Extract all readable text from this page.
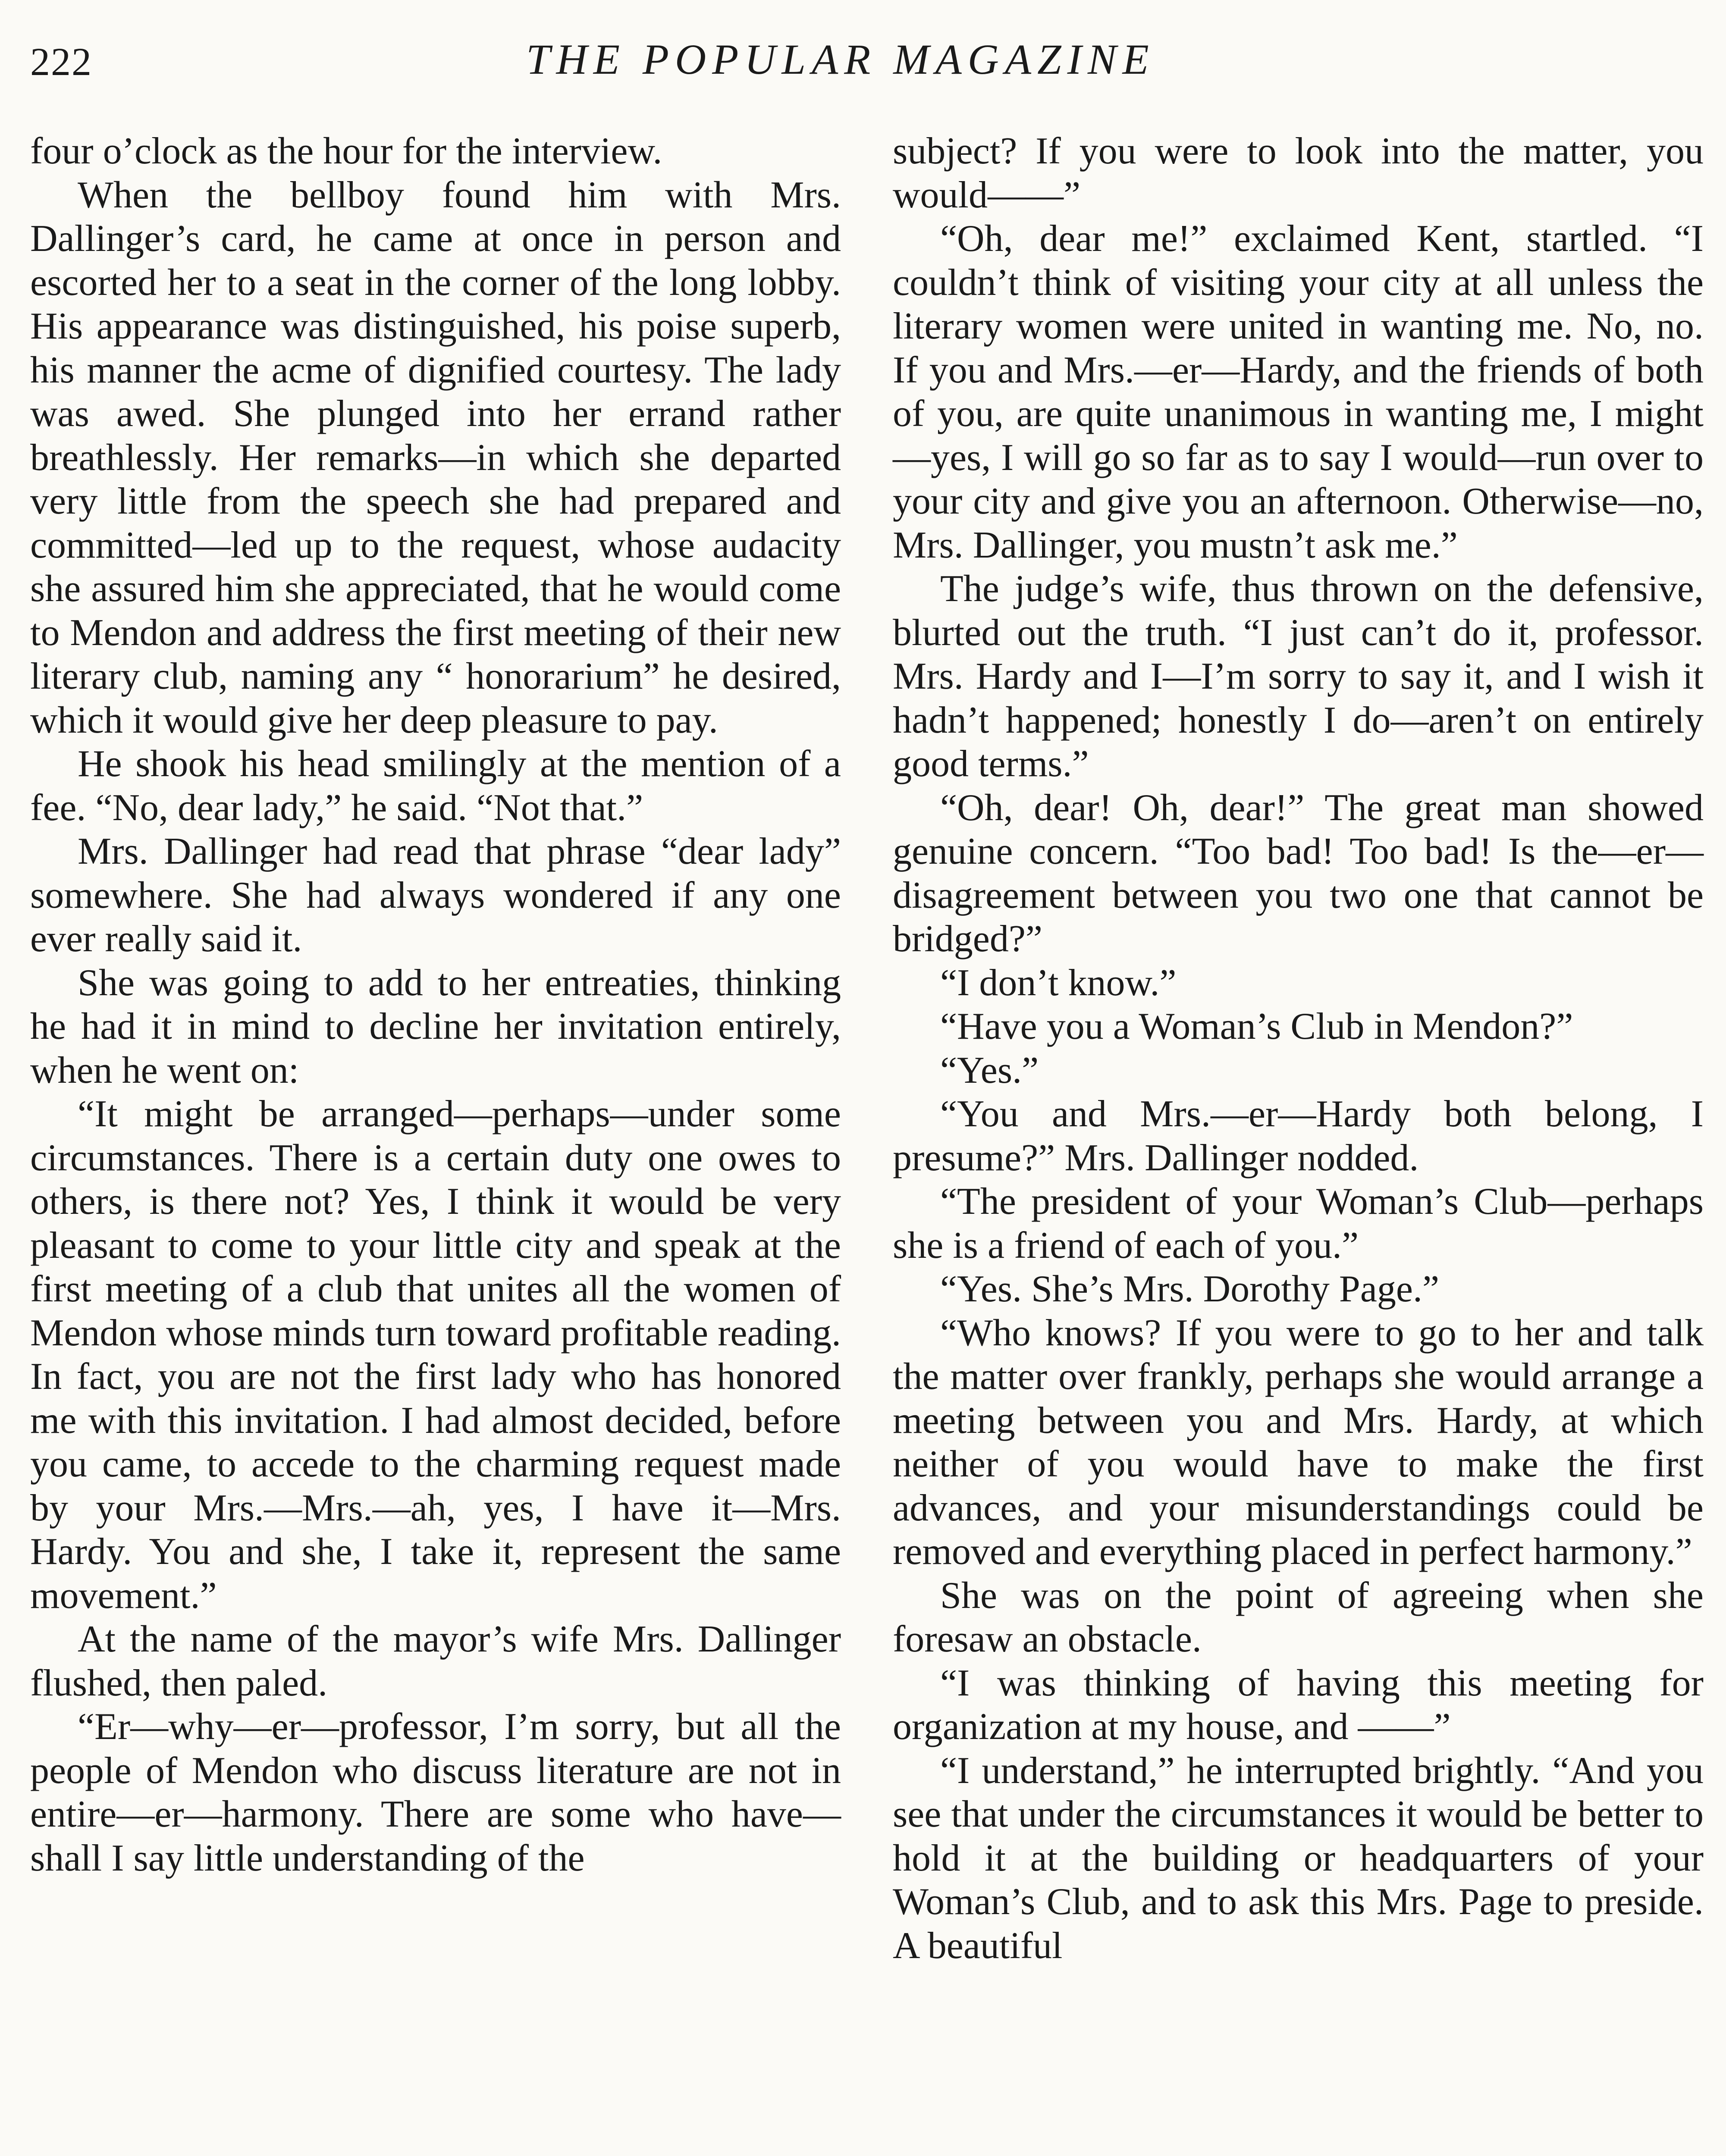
222	THE POPULAR MAGAZINE

four o’clock as the hour for the interview.

When the bellboy found him with Mrs. Dallinger’s card, he came at once in person and escorted her to a seat in the corner of the long lobby. His appearance was distinguished, his poise superb, his manner the acme of dignified courtesy. The lady was awed. She plunged into her errand rather breathlessly. Her remarks—in which she departed very little from the speech she had prepared and committed—led up to the request, whose audacity she assured him she appreciated, that he would come to Mendon and address the first meeting of their new literary club, naming any “ honorarium” he desired, which it would give her deep pleasure to pay.

He shook his head smilingly at the mention of a fee. “No, dear lady,” he said. “Not that.”

Mrs. Dallinger had read that phrase “dear lady” somewhere. She had always wondered if any one ever really said it.

She was going to add to her entreaties, thinking he had it in mind to decline her invitation entirely, when he went on:

“It might be arranged—perhaps—under some circumstances. There is a certain duty one owes to others, is there not? Yes, I think it would be very pleasant to come to your little city and speak at the first meeting of a club that unites all the women of Mendon whose minds turn toward profitable reading. In fact, you are not the first lady who has honored me with this invitation. I had almost decided, before you came, to accede to the charming request made by your Mrs.—Mrs.—ah, yes, I have it—Mrs. Hardy. You and she, I take it, represent the same movement.”

At the name of the mayor’s wife Mrs. Dallinger flushed, then paled.

“Er—why—er—professor, I’m sorry, but all the people of Mendon who discuss literature are not in entire—er—harmony. There are some who have—shall I say little understanding of the

subject? If you were to look into the matter, you would——”

“Oh, dear me!” exclaimed Kent, startled. “I couldn’t think of visiting your city at all unless the literary women were united in wanting me. No, no. If you and Mrs.—er—Hardy, and the friends of both of you, are quite unanimous in wanting me, I might —yes, I will go so far as to say I would—run over to your city and give you an afternoon. Otherwise—no, Mrs. Dallinger, you mustn’t ask me.”

The judge’s wife, thus thrown on the defensive, blurted out the truth. “I just can’t do it, professor. Mrs. Hardy and I—I’m sorry to say it, and I wish it hadn’t happened; honestly I do—aren’t on entirely good terms.”

“Oh, dear! Oh, dear!” The great man showed genuine concern. “Too bad! Too bad! Is the—er—disagreement between you two one that cannot be bridged?”

“I don’t know.”

“Have you a Woman’s Club in Mendon?”

“Yes.”

“You and Mrs.—er—Hardy both belong, I presume?” Mrs. Dallinger nodded.

“The president of your Woman’s Club—perhaps she is a friend of each of you.”

“Yes. She’s Mrs. Dorothy Page.”

“Who knows? If you were to go to her and talk the matter over frankly, perhaps she would arrange a meeting between you and Mrs. Hardy, at which neither of you would have to make the first advances, and your misunderstandings could be removed and everything placed in perfect harmony.”

She was on the point of agreeing when she foresaw an obstacle.

“I was thinking of having this meeting for organization at my house, and ——”

“I understand,” he interrupted brightly. “And you see that under the circumstances it would be better to hold it at the building or headquarters of your Woman’s Club, and to ask this Mrs. Page to preside. A beautiful
